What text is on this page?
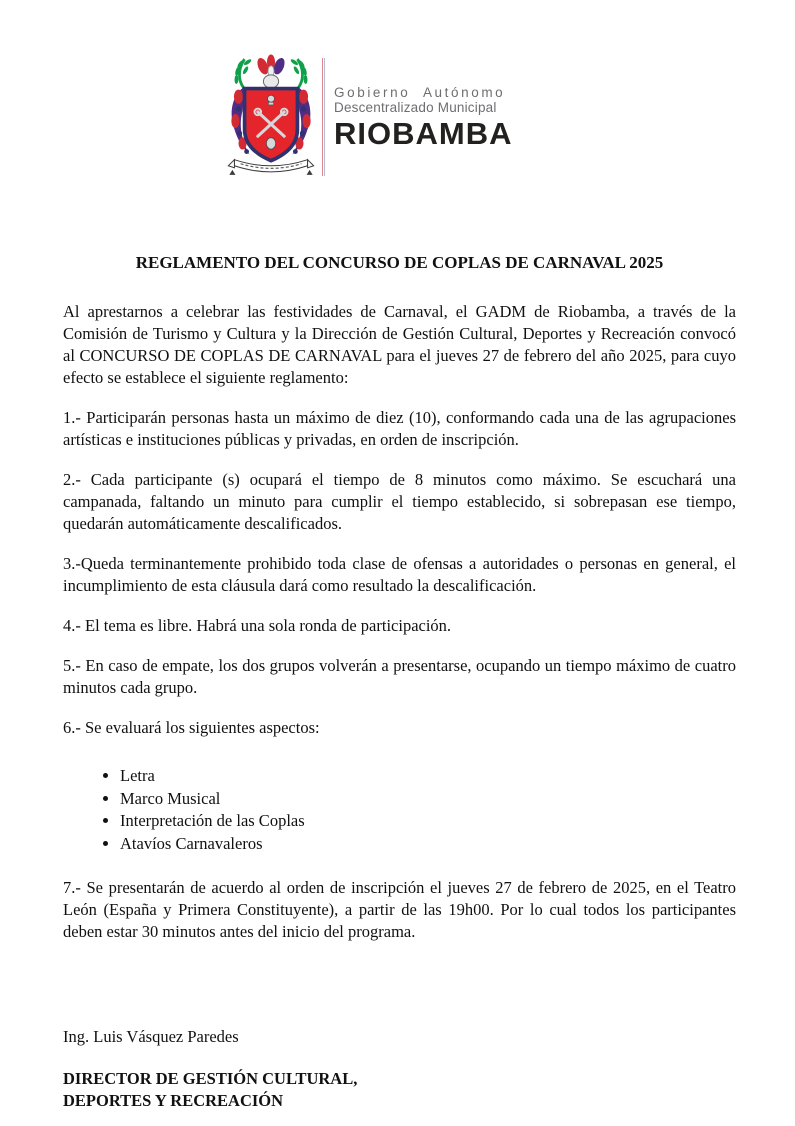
Gobierno Autónomo
Descentralizado Municipal
RIOBAMBA
REGLAMENTO DEL CONCURSO DE COPLAS DE CARNAVAL 2025

Al aprestarnos a celebrar las festividades de Carnaval, el GADM de Riobamba, a través de la Comisión de Turismo y Cultura y la Dirección de Gestión Cultural, Deportes y Recreación convocó al CONCURSO DE COPLAS DE CARNAVAL para el jueves 27 de febrero del año 2025, para cuyo efecto se establece el siguiente reglamento:

1.- Participarán personas hasta un máximo de diez (10), conformando cada una de las agrupaciones artísticas e instituciones públicas y privadas, en orden de inscripción.

2.- Cada participante (s) ocupará el tiempo de 8 minutos como máximo. Se escuchará una campanada, faltando un minuto para cumplir el tiempo establecido, si sobrepasan ese tiempo, quedarán automáticamente descalificados.

3.-Queda terminantemente prohibido toda clase de ofensas a autoridades o personas en general, el incumplimiento de esta cláusula dará como resultado la descalificación.

4.- El tema es libre. Habrá una sola ronda de participación.

5.- En caso de empate, los dos grupos volverán a presentarse, ocupando un tiempo máximo de cuatro minutos cada grupo.

6.- Se evaluará los siguientes aspectos:

• Letra
• Marco Musical
• Interpretación de las Coplas
• Atavíos Carnavaleros

7.- Se presentarán de acuerdo al orden de inscripción el jueves 27 de febrero de 2025, en el Teatro León (España y Primera Constituyente), a partir de las 19h00. Por lo cual todos los participantes deben estar 30 minutos antes del inicio del programa.

Ing. Luis Vásquez Paredes

DIRECTOR DE GESTIÓN CULTURAL,

DEPORTES Y RECREACIÓN
